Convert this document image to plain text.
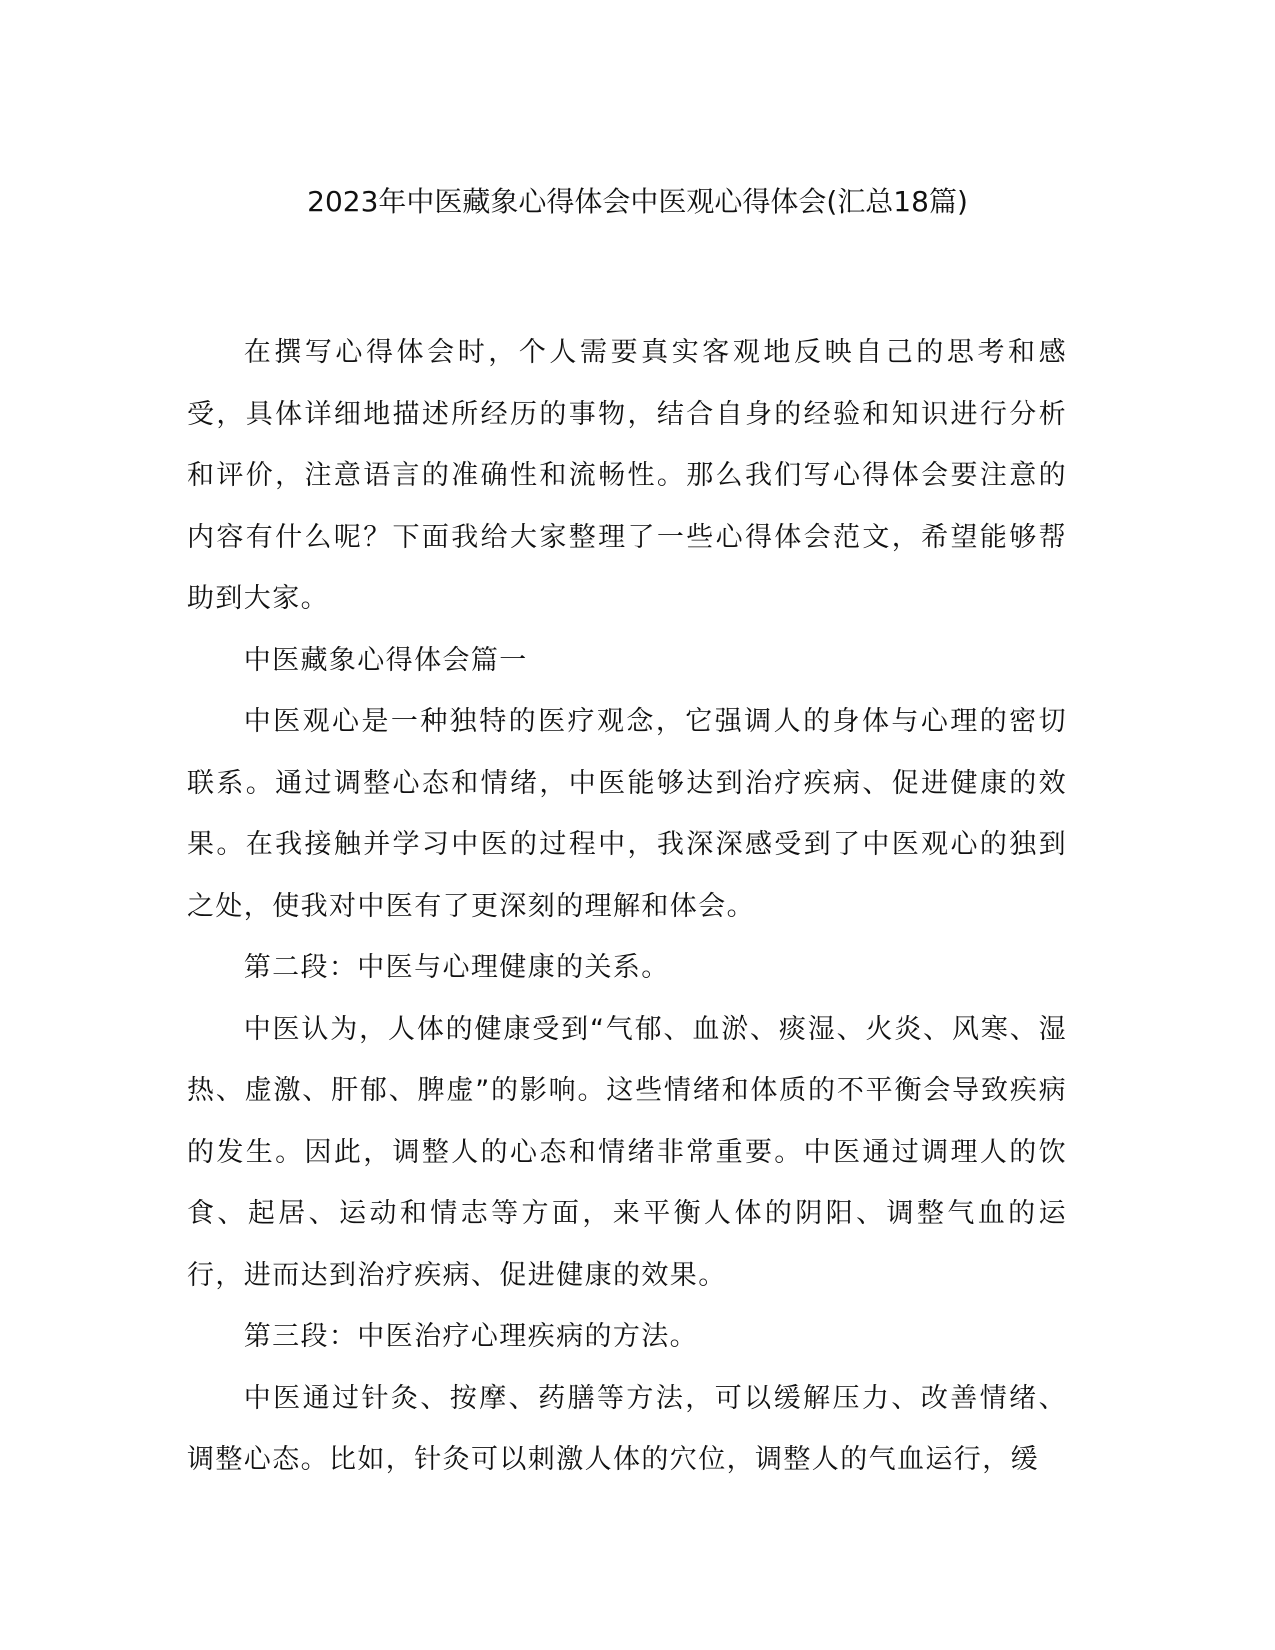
2023年中医藏象心得体会中医观心得体会(汇总18篇)

在撰写心得体会时，个人需要真实客观地反映自己的思考和感受，具体详细地描述所经历的事物，结合自身的经验和知识进行分析和评价，注意语言的准确性和流畅性。那么我们写心得体会要注意的内容有什么呢？下面我给大家整理了一些心得体会范文，希望能够帮助到大家。

中医藏象心得体会篇一

中医观心是一种独特的医疗观念，它强调人的身体与心理的密切联系。通过调整心态和情绪，中医能够达到治疗疾病、促进健康的效果。在我接触并学习中医的过程中，我深深感受到了中医观心的独到之处，使我对中医有了更深刻的理解和体会。

第二段：中医与心理健康的关系。

中医认为，人体的健康受到“气郁、血淤、痰湿、火炎、风寒、湿热、虚激、肝郁、脾虚”的影响。这些情绪和体质的不平衡会导致疾病的发生。因此，调整人的心态和情绪非常重要。中医通过调理人的饮食、起居、运动和情志等方面，来平衡人体的阴阳、调整气血的运行，进而达到治疗疾病、促进健康的效果。

第三段：中医治疗心理疾病的方法。

中医通过针灸、按摩、药膳等方法，可以缓解压力、改善情绪、调整心态。比如，针灸可以刺激人体的穴位，调整人的气血运行，缓
